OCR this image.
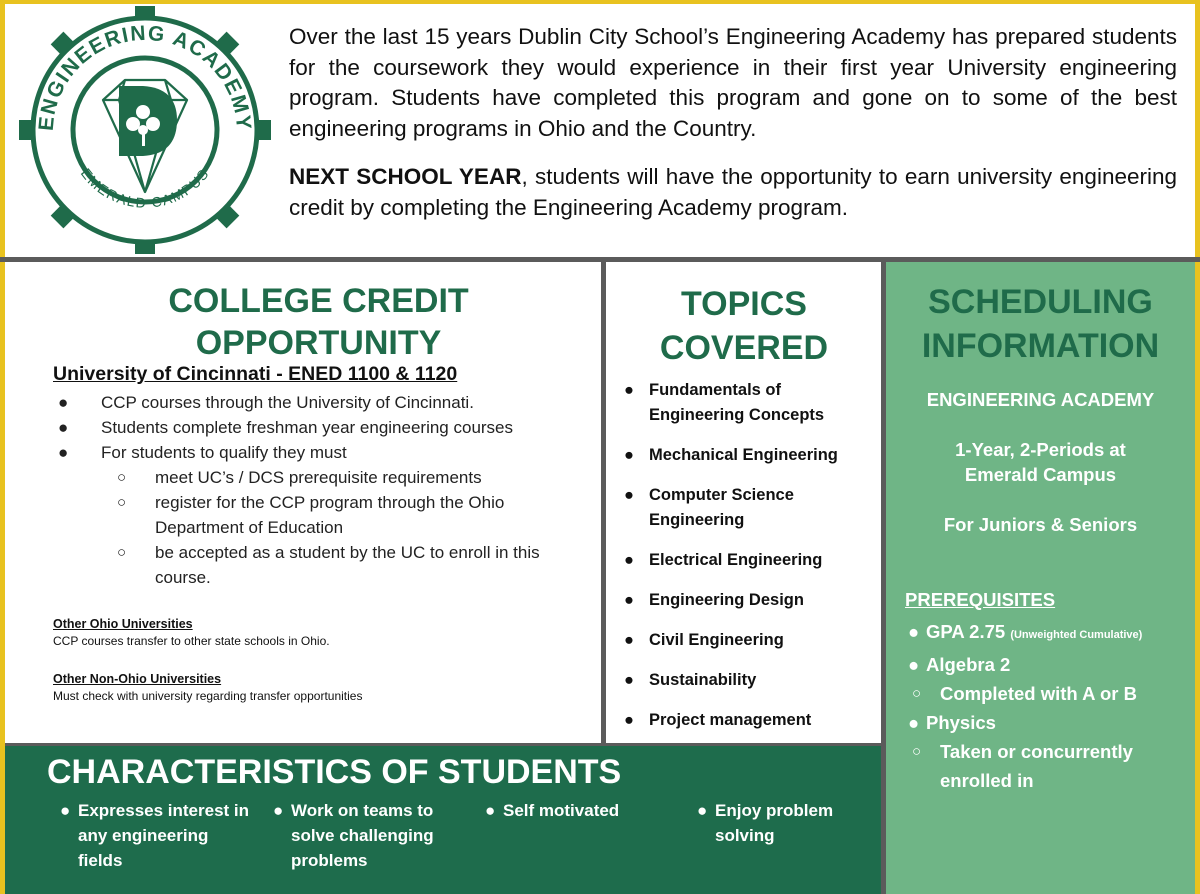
ENGINEERING ACADEMY
EMERALD CAMPUS

Over the last 15 years Dublin City School’s Engineering Academy has prepared students for the coursework they would experience in their first year University engineering program. Students have completed this program and gone on to some of the best engineering programs in Ohio and the Country.

NEXT SCHOOL YEAR, students will have the opportunity to earn university engineering credit by completing the Engineering Academy program.

COLLEGE CREDIT
OPPORTUNITY
University of Cincinnati - ENED 1100 & 1120
● CCP courses through the University of Cincinnati.
● Students complete freshman year engineering courses
● For students to qualify they must
○ meet UC’s / DCS prerequisite requirements
○ register for the CCP program through the Ohio Department of Education
○ be accepted as a student by the UC to enroll in this course.
Other Ohio Universities
CCP courses transfer to other state schools in Ohio.
Other Non-Ohio Universities
Must check with university regarding transfer opportunities
TOPICS
COVERED
● Fundamentals of Engineering Concepts
● Mechanical Engineering
● Computer Science Engineering
● Electrical Engineering
● Engineering Design
● Civil Engineering
● Sustainability
● Project management
SCHEDULING
INFORMATION
ENGINEERING ACADEMY
1-Year, 2-Periods at
Emerald Campus
For Juniors & Seniors
PREREQUISITES
● GPA 2.75 (Unweighted Cumulative)
● Algebra 2
○ Completed with A or B
● Physics
○ Taken or concurrently enrolled in
CHARACTERISTICS OF STUDENTS
● Expresses interest in any engineering fields
● Work on teams to solve challenging problems
● Self motivated	● Enjoy problem solving
